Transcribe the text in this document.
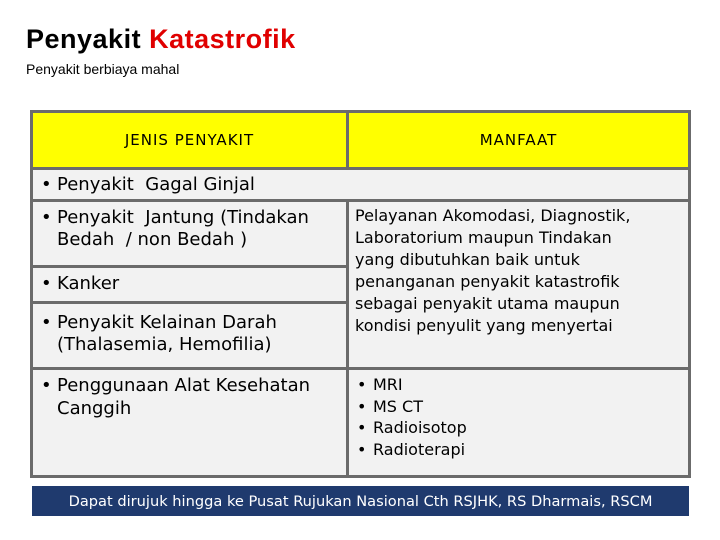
Penyakit Katastrofik
Penyakit berbiaya mahal
JENIS PENYAKIT	MANFAAT
• Penyakit  Gagal Ginjal
• Penyakit  Jantung (Tindakan
Bedah  / non Bedah )
• Kanker
• Penyakit Kelainan Darah
(Thalasemia, Hemofilia)

Pelayanan Akomodasi, Diagnostik,
Laboratorium maupun Tindakan
yang dibutuhkan baik untuk
penanganan penyakit katastrofik
sebagai penyakit utama maupun
kondisi penyulit yang menyertai

• Penggunaan Alat Kesehatan
Canggih
• MRI
• MS CT
• Radioisotop
• Radioterapi
Dapat dirujuk hingga ke Pusat Rujukan Nasional Cth RSJHK, RS Dharmais, RSCM
